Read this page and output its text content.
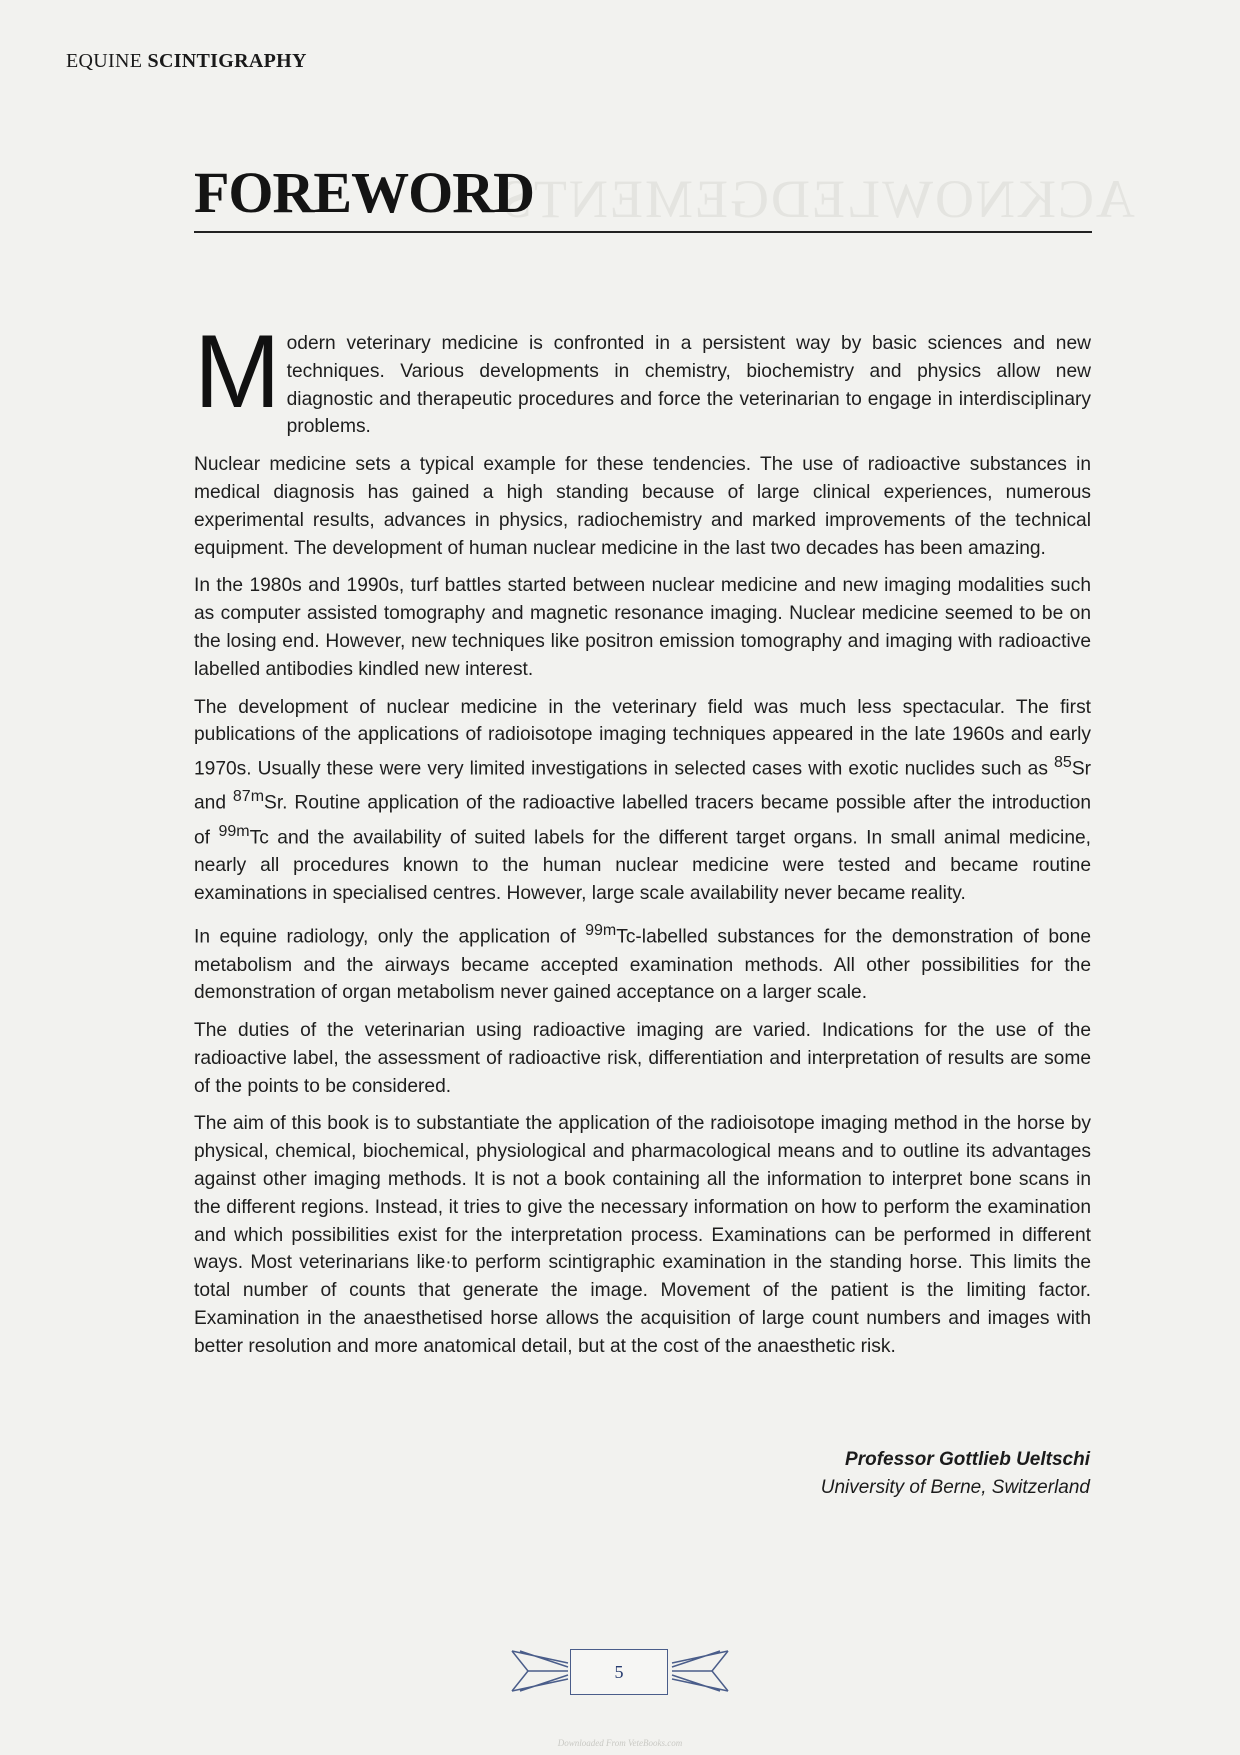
EQUINE SCINTIGRAPHY
ACKNOWLEDGEMENTS
FOREWORD

M odern veterinary medicine is confronted in a persistent way by basic sciences and new techniques. Various developments in chemistry, biochemistry and physics allow new diagnostic and therapeutic procedures and force the veterinarian to engage in interdisciplinary problems.

Nuclear medicine sets a typical example for these tendencies. The use of radioactive substances in medical diagnosis has gained a high standing because of large clinical experiences, numerous experimental results, advances in physics, radiochemistry and marked improvements of the technical equipment. The development of human nuclear medicine in the last two decades has been amazing.

In the 1980s and 1990s, turf battles started between nuclear medicine and new imaging modalities such as computer assisted tomography and magnetic resonance imaging. Nuclear medicine seemed to be on the losing end. However, new techniques like positron emission tomography and imaging with radioactive labelled antibodies kindled new interest.

The development of nuclear medicine in the veterinary field was much less spectacular. The first publications of the applications of radioisotope imaging techniques appeared in the late 1960s and early 1970s. Usually these were very limited investigations in selected cases with exotic nuclides such as $^{85}$Sr and $^{87m}$Sr. Routine application of the radioactive labelled tracers became possible after the introduction of $^{99m}$Tc and the availability of suited labels for the different target organs. In small animal medicine, nearly all procedures known to the human nuclear medicine were tested and became routine examinations in specialised centres. However, large scale availability never became reality.

In equine radiology, only the application of $^{99m}$Tc-labelled substances for the demonstration of bone metabolism and the airways became accepted examination methods. All other possibilities for the demonstration of organ metabolism never gained acceptance on a larger scale.

The duties of the veterinarian using radioactive imaging are varied. Indications for the use of the radioactive label, the assessment of radioactive risk, differentiation and interpretation of results are some of the points to be considered.

The aim of this book is to substantiate the application of the radioisotope imaging method in the horse by physical, chemical, biochemical, physiological and pharmacological means and to outline its advantages against other imaging methods. It is not a book containing all the information to interpret bone scans in the different regions. Instead, it tries to give the necessary information on how to perform the examination and which possibilities exist for the interpretation process. Examinations can be performed in different ways. Most veterinarians like·to perform scintigraphic examination in the standing horse. This limits the total number of counts that generate the image. Movement of the patient is the limiting factor. Examination in the anaesthetised horse allows the acquisition of large count numbers and images with better resolution and more anatomical detail, but at the cost of the anaesthetic risk.

Professor Gottlieb Ueltschi
University of Berne, Switzerland
5
Downloaded From VeteBooks.com
